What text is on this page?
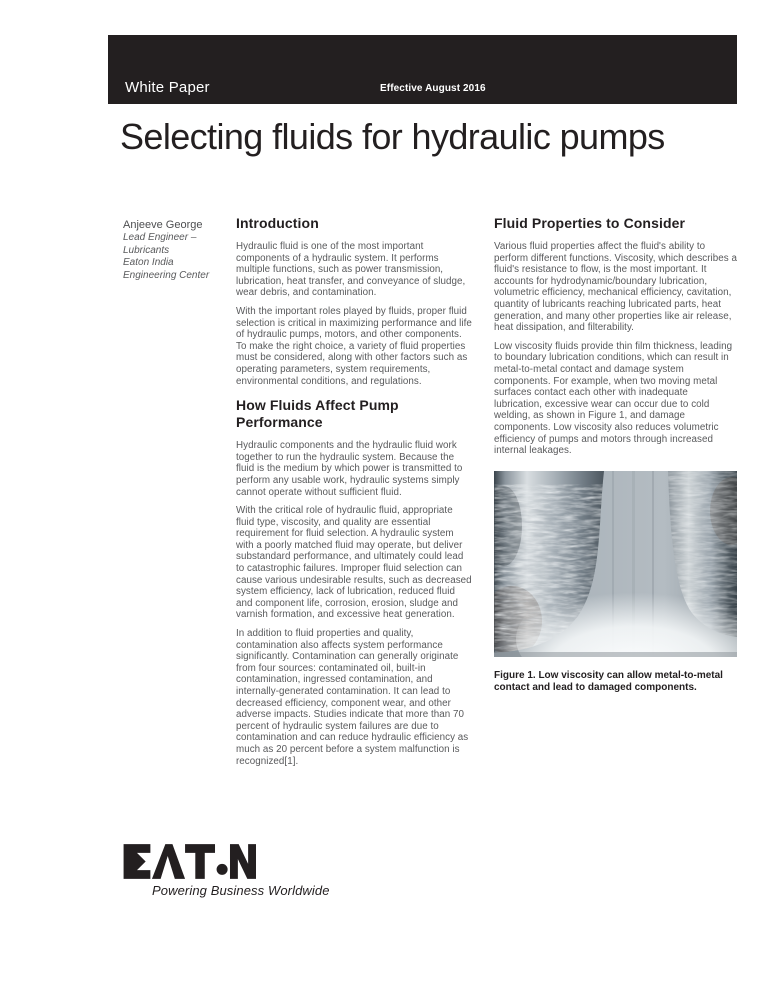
White Paper	Effective August 2016
Selecting fluids for hydraulic pumps
Anjeeve George
Lead Engineer –
Lubricants
Eaton India
Engineering Center
Introduction

Hydraulic fluid is one of the most important components of a hydraulic system. It performs multiple functions, such as power transmission, lubrication, heat transfer, and conveyance of sludge, wear debris, and contamination.

With the important roles played by fluids, proper fluid selection is critical in maximizing performance and life of hydraulic pumps, motors, and other components. To make the right choice, a variety of fluid properties must be considered, along with other factors such as operating parameters, system requirements, environmental conditions, and regulations.

How Fluids Affect Pump Performance

Hydraulic components and the hydraulic fluid work together to run the hydraulic system. Because the fluid is the medium by which power is transmitted to perform any usable work, hydraulic systems simply cannot operate without sufficient fluid.

With the critical role of hydraulic fluid, appropriate fluid type, viscosity, and quality are essential requirement for fluid selection. A hydraulic system with a poorly matched fluid may operate, but deliver substandard performance, and ultimately could lead to catastrophic failures. Improper fluid selection can cause various undesirable results, such as decreased system efficiency, lack of lubrication, reduced fluid and component life, corrosion, erosion, sludge and varnish formation, and excessive heat generation.

In addition to fluid properties and quality, contamination also affects system performance significantly. Contamination can generally originate from four sources: contaminated oil, built-in contamination, ingressed contamination, and internally-generated contamination. It can lead to decreased efficiency, component wear, and other adverse impacts. Studies indicate that more than 70 percent of hydraulic system failures are due to contamination and can reduce hydraulic efficiency as much as 20 percent before a system malfunction is recognized[1].

Fluid Properties to Consider

Various fluid properties affect the fluid's ability to perform different functions. Viscosity, which describes a fluid's resistance to flow, is the most important. It accounts for hydrodynamic/boundary lubrication, volumetric efficiency, mechanical efficiency, cavitation, quantity of lubricants reaching lubricated parts, heat generation, and many other properties like air release, heat dissipation, and filterability.

Low viscosity fluids provide thin film thickness, leading to boundary lubrication conditions, which can result in metal-to-metal contact and damage system components. For example, when two moving metal surfaces contact each other with inadequate lubrication, excessive wear can occur due to cold welding, as shown in Figure 1, and damage components. Low viscosity also reduces volumetric efficiency of pumps and motors through increased internal leakages.

Figure 1. Low viscosity can allow metal-to-metal contact and lead to damaged components.
Powering Business Worldwide
